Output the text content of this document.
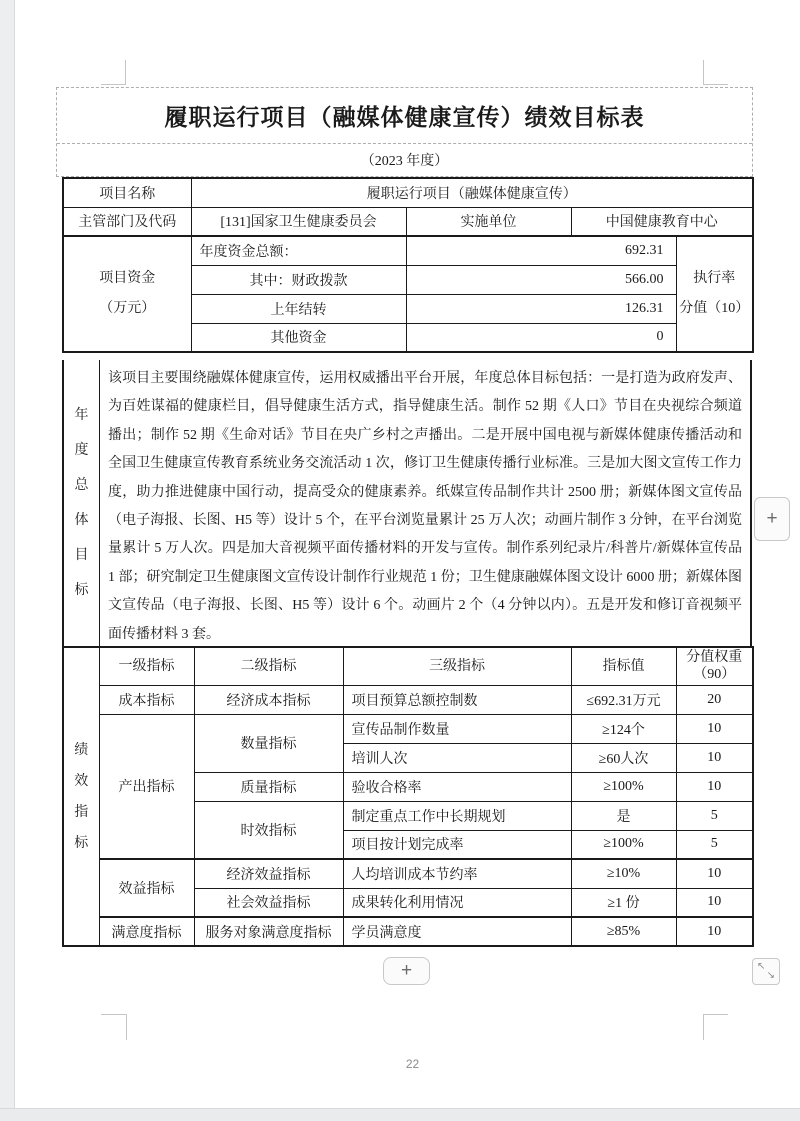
履职运行项目（融媒体健康宣传）绩效目标表
（2023 年度）
项目名称	履职运行项目（融媒体健康宣传）			
主管部门及代码	[131]国家卫生健康委员会	实施单位	中国健康教育中心	

项目资金
（万元）
	年度资金总额：	692.31	
执行率
分值（10）

	其中：财政拨款	566.00		
	上年结转	126.31		
	其他资金	0		
年度总体目标
该项目主要围绕融媒体健康宣传，运用权威播出平台开展，年度总体目标包括：一是打造为政府发声、为百姓谋福的健康栏目，倡导健康生活方式，指导健康生活。制作 52 期《人口》节目在央视综合频道播出；制作 52 期《生命对话》节目在央广乡村之声播出。二是开展中国电视与新媒体健康传播活动和全国卫生健康宣传教育系统业务交流活动 1 次，修订卫生健康传播行业标准。三是加大图文宣传工作力度，助力推进健康中国行动，提高受众的健康素养。纸媒宣传品制作共计 2500 册；新媒体图文宣传品（电子海报、长图、H5 等）设计 5 个，在平台浏览量累计 25 万人次；动画片制作 3 分钟，在平台浏览量累计 5 万人次。四是加大音视频平面传播材料的开发与宣传。制作系列纪录片/科普片/新媒体宣传品 1 部；研究制定卫生健康图文宣传设计制作行业规范 1 份；卫生健康融媒体图文设计 6000 册；新媒体图文宣传品（电子海报、长图、H5 等）设计 6 个。动画片 2 个（4 分钟以内）。五是开发和修订音视频平面传播材料 3 套。
绩效指标	一级指标	二级指标	三级指标	指标值	分值权重（90）
	成本指标	经济成本指标	项目预算总额控制数	≤692.31万元	20
	产出指标	数量指标	宣传品制作数量	≥124个	10
			培训人次	≥60人次	10
		质量指标	验收合格率	≥100%	10
		时效指标	制定重点工作中长期规划	是	5
			项目按计划完成率	≥100%	5
	效益指标	经济效益指标	人均培训成本节约率	≥10%	10
		社会效益指标	成果转化利用情况	≥1 份	10
	满意度指标	服务对象满意度指标	学员满意度	≥85%	10
22
+
+	↖
↘
